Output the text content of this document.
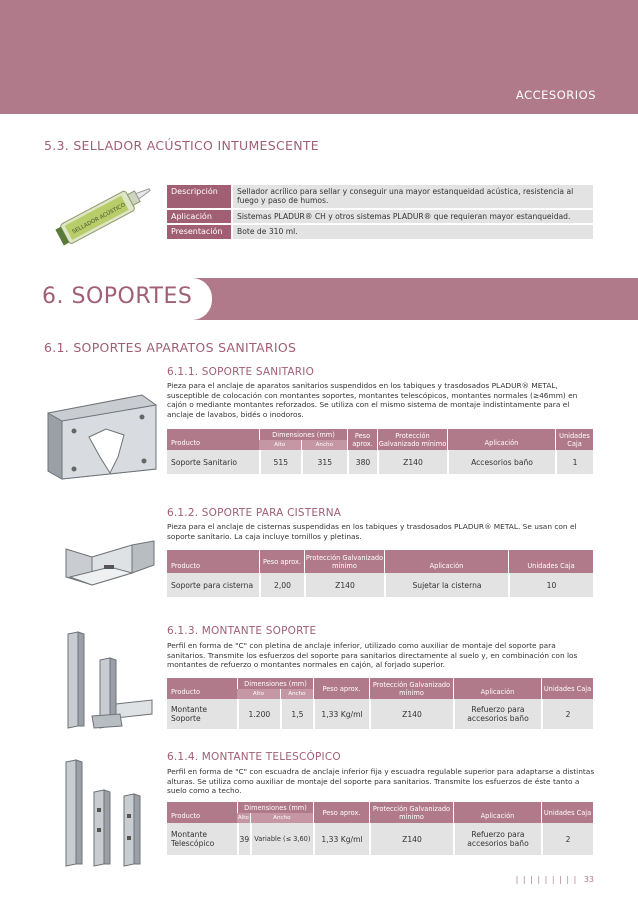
ACCESORIOS
5.3. SELLADOR ACÚSTICO INTUMESCENTE
SELLADOR ACÚSTICO
Descripción	Sellador acrílico para sellar y conseguir una mayor estanqueidad acústica, resistencia al fuego y paso de humos.
Aplicación	Sistemas PLADUR® CH y otros sistemas PLADUR® que requieran mayor estanqueidad.
Presentación	Bote de 310 ml.
6. SOPORTES
6.1. SOPORTES APARATOS SANITARIOS
6.1.1. SOPORTE SANITARIO
Pieza para el anclaje de aparatos sanitarios suspendidos en los tabiques y trasdosados PLADUR® METAL, susceptible de colocación con montantes soportes, montantes telescópicos, montantes normales (≥46mm) en cajón o mediante montantes reforzados. Se utiliza con el mismo sistema de montaje indistintamente para el anclaje de lavabos, bidés o inodoros.
Producto	Dimensiones (mm)		Peso aprox.	Protección Galvanizado mínimo	Aplicación	Unidades Caja
	Alto	Ancho				
Soporte Sanitario	515	315	380	Z140	Accesorios baño	1
6.1.2. SOPORTE PARA CISTERNA
Pieza para el anclaje de cisternas suspendidas en los tabiques y trasdosados PLADUR® METAL. Se usan con el soporte sanitario. La caja incluye tornillos y pletinas.
Producto	Peso aprox.	Protección Galvanizado mínimo	Aplicación	Unidades Caja
Soporte para cisterna	2,00	Z140	Sujetar la cisterna	10
6.1.3. MONTANTE SOPORTE
Perfil en forma de "C" con pletina de anclaje inferior, utilizado como auxiliar de montaje del soporte para sanitarios. Transmite los esfuerzos del soporte para sanitarios directamente al suelo y, en combinación con los montantes de refuerzo o montantes normales en cajón, al forjado superior.
Producto	Dimensiones (mm)		Peso aprox.	Protección Galvanizado mínimo	Aplicación	Unidades Caja
	Alto	Ancho				
Montante Soporte	1.200	1,5	1,33 Kg/ml	Z140	Refuerzo para accesorios baño	2
6.1.4. MONTANTE TELESCÓPICO
Perfil en forma de "C" con escuadra de anclaje inferior fija y escuadra regulable superior para adaptarse a distintas alturas. Se utiliza como auxiliar de montaje del soporte para sanitarios. Transmite los esfuerzos de éste tanto a suelo como a techo.
Producto	Dimensiones (mm)		Peso aprox.	Protección Galvanizado mínimo	Aplicación	Unidades Caja
	Alto	Ancho				
Montante Telescópico	39	Variable (≤ 3,60)	1,33 Kg/ml	Z140	Refuerzo para accesorios baño	2
| | | | | | | | | 33
